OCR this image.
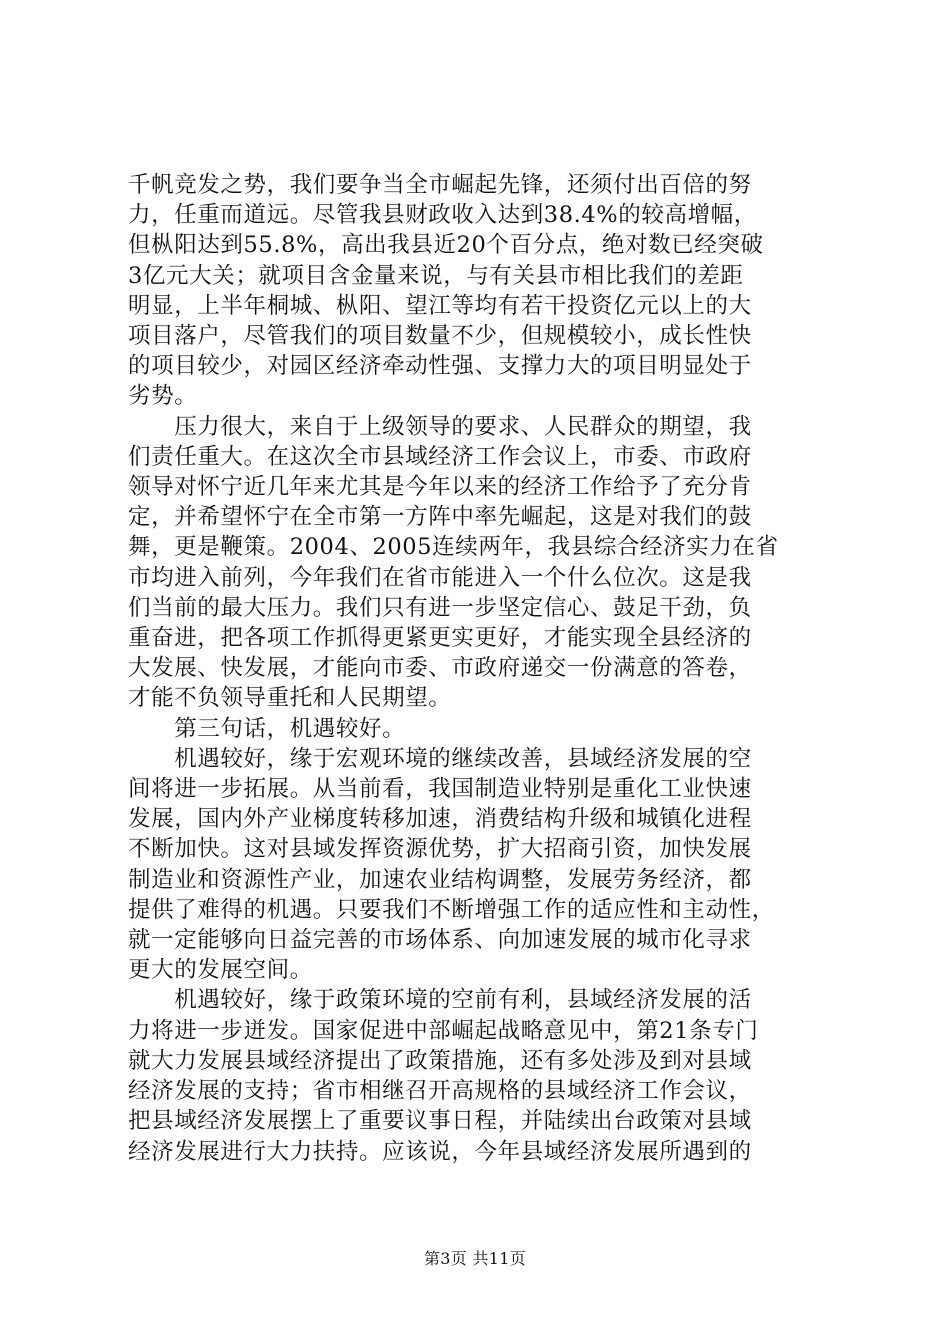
千帆竞发之势，我们要争当全市崛起先锋，还须付出百倍的努
力，任重而道远。尽管我县财政收入达到38.4%的较高增幅，
但枞阳达到55.8%，高出我县近20个百分点，绝对数已经突破
3亿元大关；就项目含金量来说，与有关县市相比我们的差距
明显，上半年桐城、枞阳、望江等均有若干投资亿元以上的大
项目落户，尽管我们的项目数量不少，但规模较小，成长性快
的项目较少，对园区经济牵动性强、支撑力大的项目明显处于
劣势。
　　压力很大，来自于上级领导的要求、人民群众的期望，我
们责任重大。在这次全市县域经济工作会议上，市委、市政府
领导对怀宁近几年来尤其是今年以来的经济工作给予了充分肯
定，并希望怀宁在全市第一方阵中率先崛起，这是对我们的鼓
舞，更是鞭策。2004、2005连续两年，我县综合经济实力在省
市均进入前列，今年我们在省市能进入一个什么位次。这是我
们当前的最大压力。我们只有进一步坚定信心、鼓足干劲，负
重奋进，把各项工作抓得更紧更实更好，才能实现全县经济的
大发展、快发展，才能向市委、市政府递交一份满意的答卷，
才能不负领导重托和人民期望。
　　第三句话，机遇较好。
　　机遇较好，缘于宏观环境的继续改善，县域经济发展的空
间将进一步拓展。从当前看，我国制造业特别是重化工业快速
发展，国内外产业梯度转移加速，消费结构升级和城镇化进程
不断加快。这对县域发挥资源优势，扩大招商引资，加快发展
制造业和资源性产业，加速农业结构调整，发展劳务经济，都
提供了难得的机遇。只要我们不断增强工作的适应性和主动性，
就一定能够向日益完善的市场体系、向加速发展的城市化寻求
更大的发展空间。
　　机遇较好，缘于政策环境的空前有利，县域经济发展的活
力将进一步迸发。国家促进中部崛起战略意见中，第21条专门
就大力发展县域经济提出了政策措施，还有多处涉及到对县域
经济发展的支持；省市相继召开高规格的县域经济工作会议，
把县域经济发展摆上了重要议事日程，并陆续出台政策对县域
经济发展进行大力扶持。应该说，今年县域经济发展所遇到的
第3页 共11页
